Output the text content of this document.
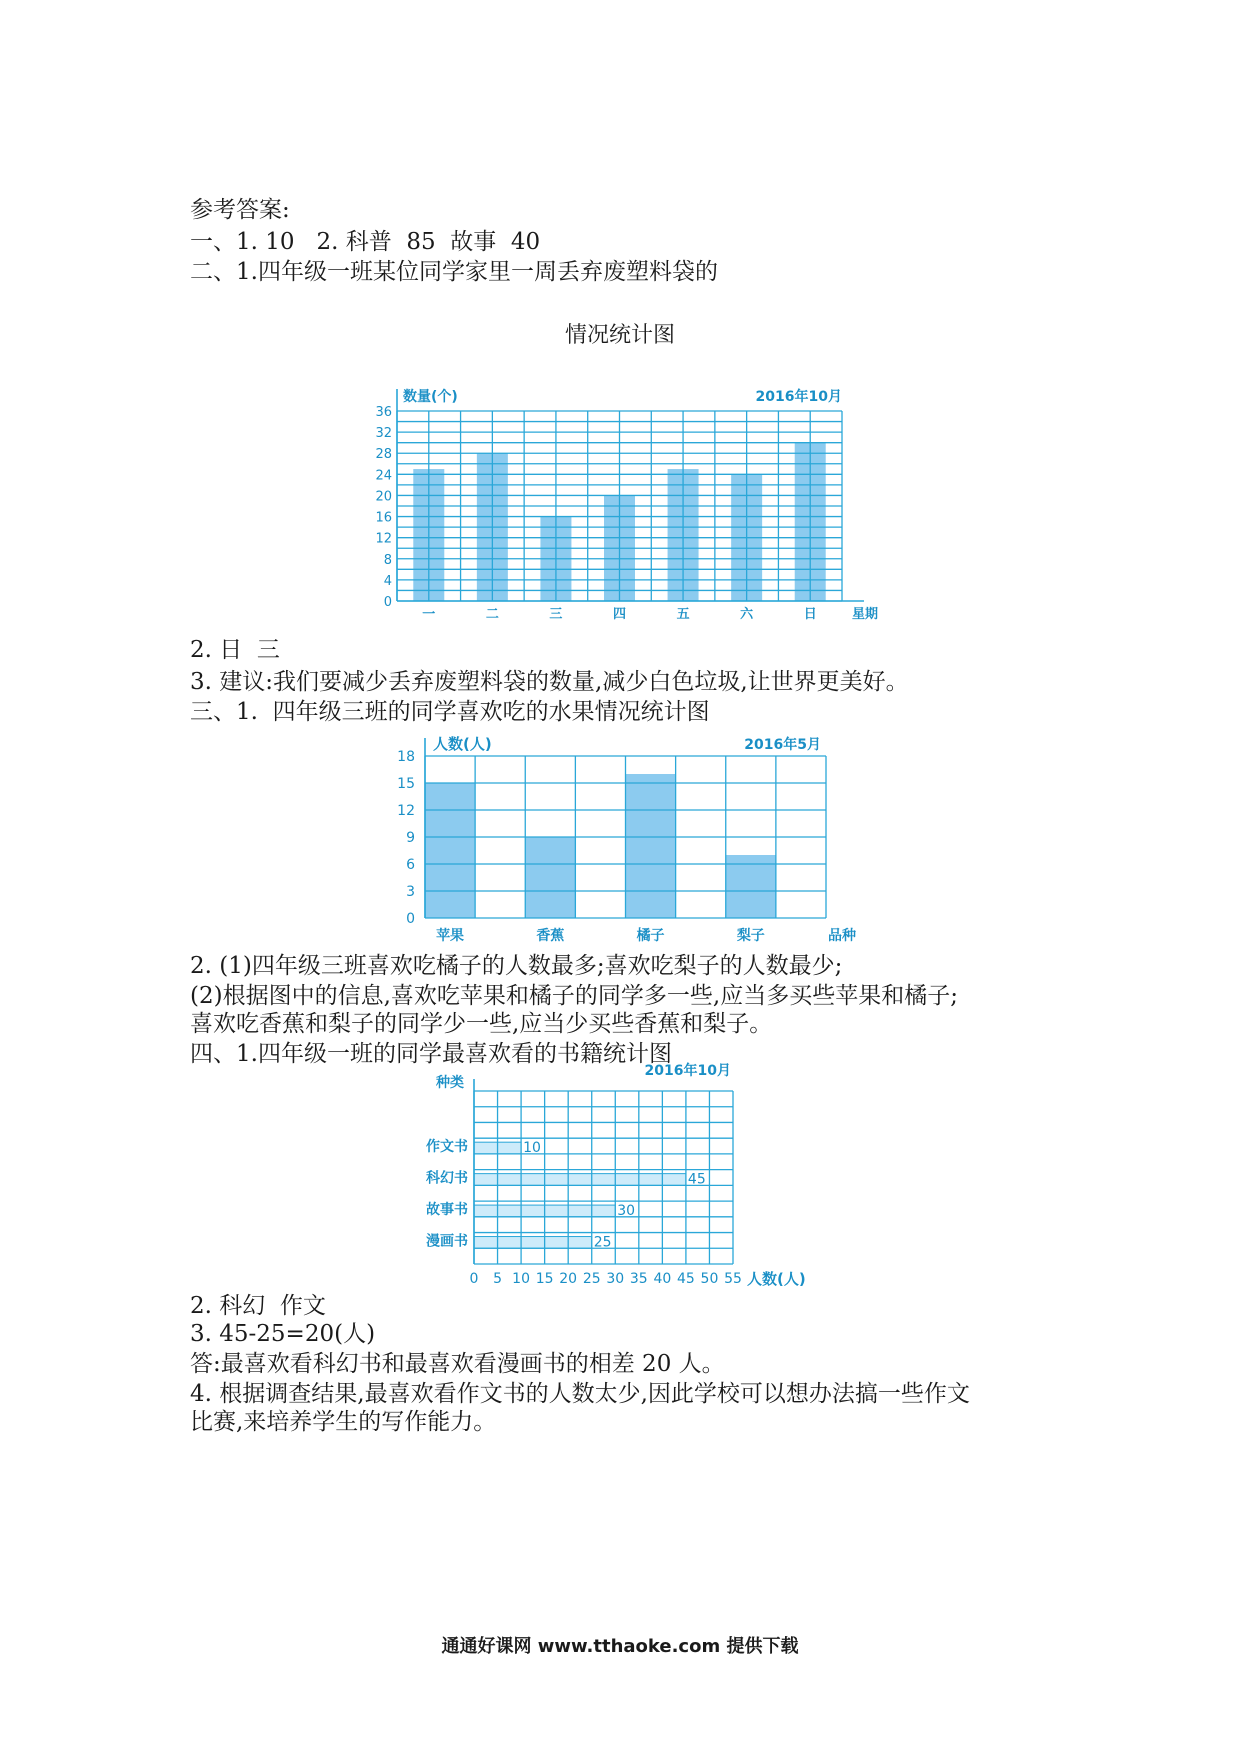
参考答案:
一、1. 10   2. 科普  85  故事  40
二、1.四年级一班某位同学家里一周丢弃废塑料袋的
情况统计图
2. 日  三
3. 建议:我们要减少丢弃废塑料袋的数量,减少白色垃圾,让世界更美好。
三、1.  四年级三班的同学喜欢吃的水果情况统计图
2. (1)四年级三班喜欢吃橘子的人数最多;喜欢吃梨子的人数最少;
(2)根据图中的信息,喜欢吃苹果和橘子的同学多一些,应当多买些苹果和橘子;
喜欢吃香蕉和梨子的同学少一些,应当少买些香蕉和梨子。
四、1.四年级一班的同学最喜欢看的书籍统计图
2. 科幻  作文
3. 45-25=20(人)
答:最喜欢看科幻书和最喜欢看漫画书的相差 20 人。
4. 根据调查结果,最喜欢看作文书的人数太少,因此学校可以想办法搞一些作文
比赛,来培养学生的写作能力。
0
4
8
12
16
20
24
28
32
36
一	二	三	四	五	六	日	星期
数量(个)	2016年10月
0
3
6
9
12
15
18
苹果	香蕉	橘子	梨子	品种
人数(人)	2016年5月
10
45
30
25
0 5 10 15 20 25 30 35 40 45 50 55
作文书
科幻书
故事书
漫画书
人数(人)
种类
2016年10月
通通好课网 www.tthaoke.com 提供下载
